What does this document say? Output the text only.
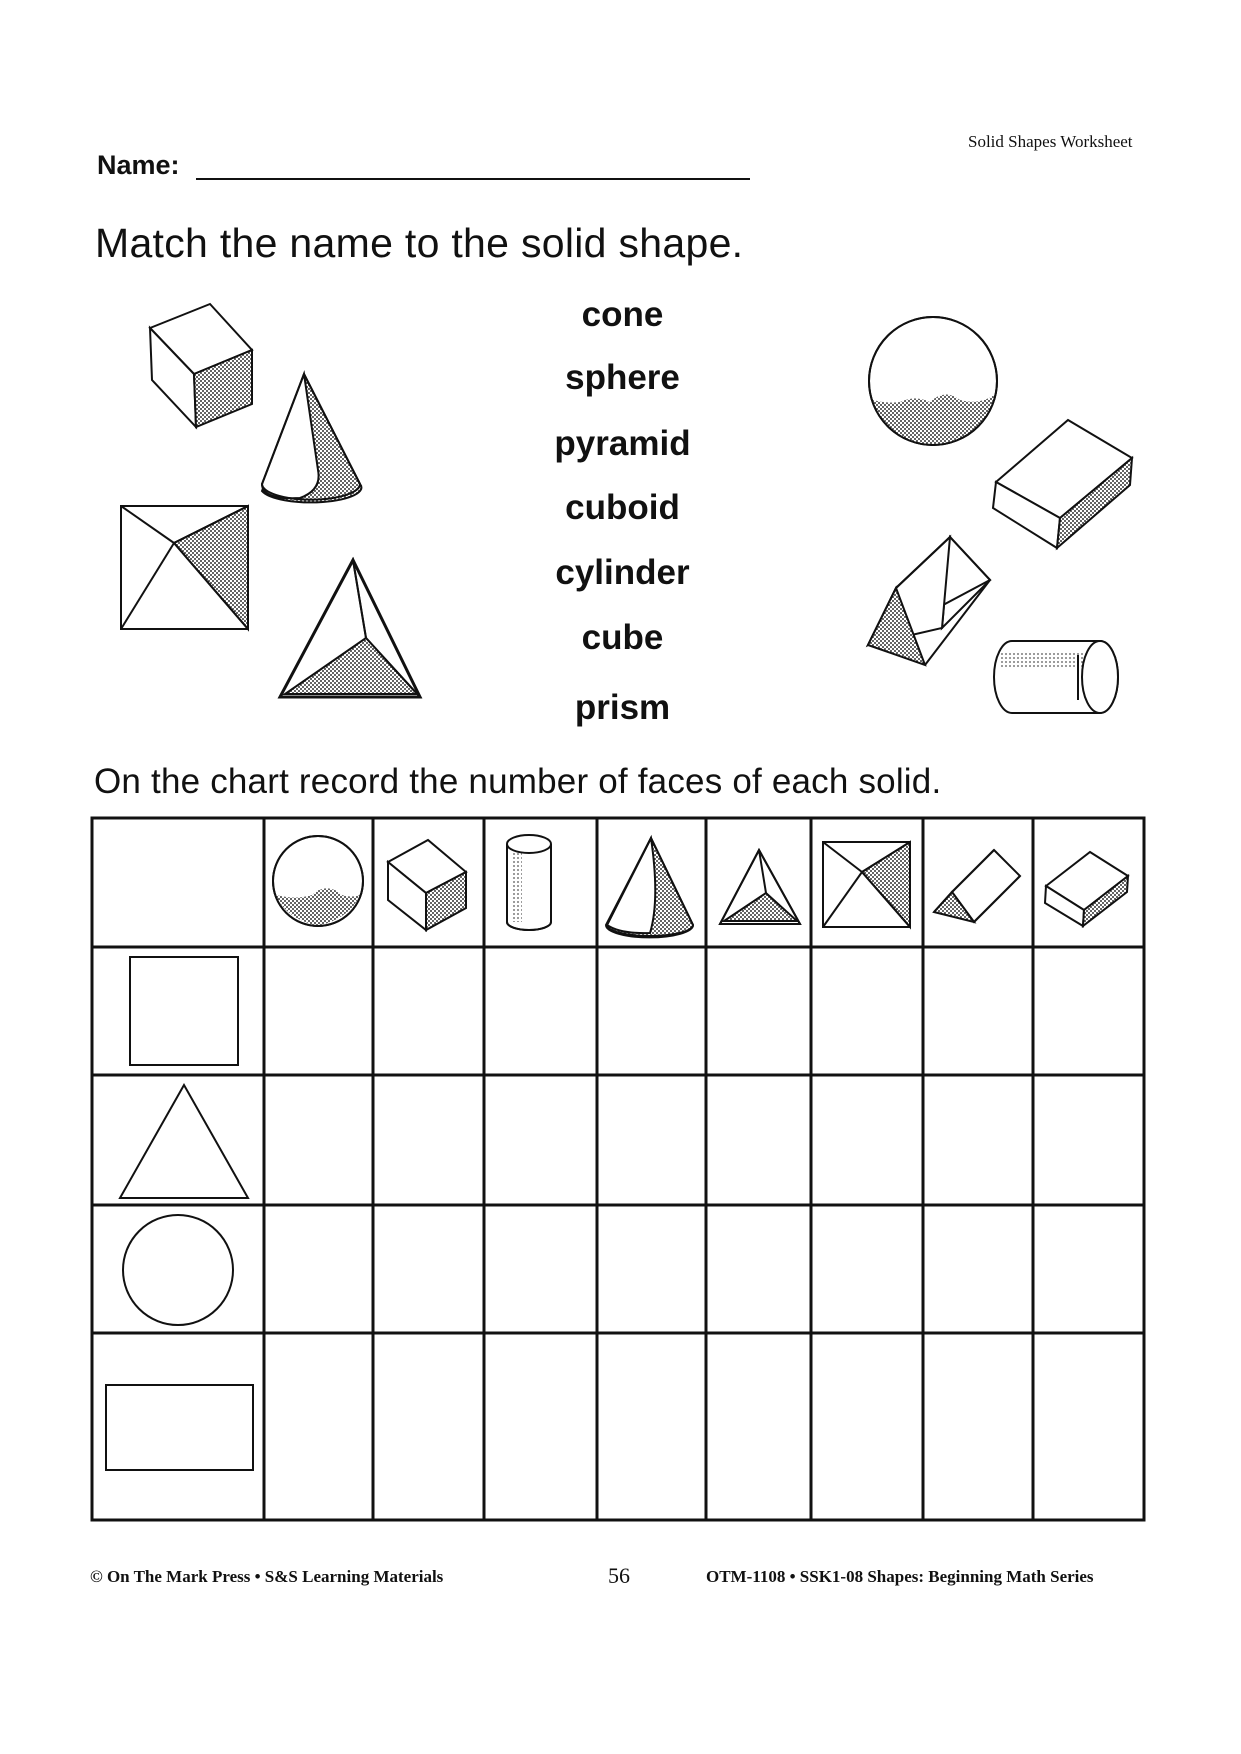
Solid Shapes Worksheet
Name:
Match the name to the solid shape.
cone
sphere
pyramid
cuboid
cylinder
cube
prism
On the chart record the number of faces of each solid.
© On The Mark Press • S&S Learning Materials	56	OTM-1108 • SSK1-08 Shapes: Beginning Math Series
